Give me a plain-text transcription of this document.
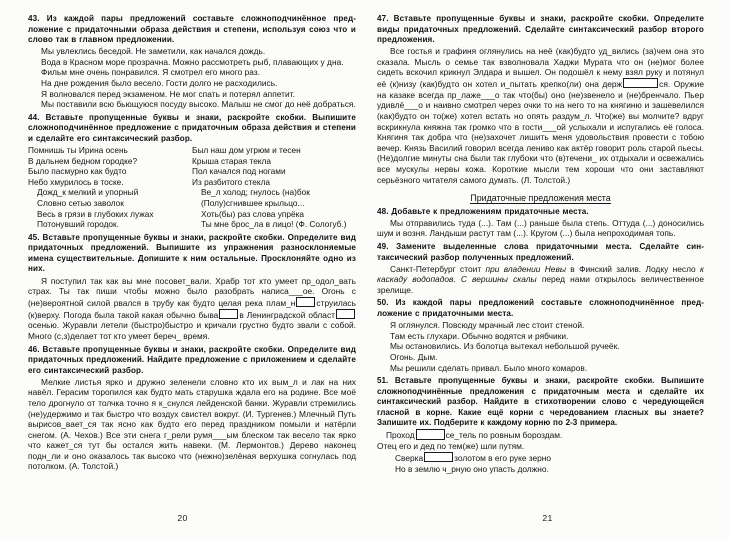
43. Из каждой пары предложений составьте сложноподчинённое предложение с придаточными образа действия и степени, используя союз что и слово так в главном предложении.

Мы увлеклись беседой. Не заметили, как начался дождь.

Вода в Красном море прозрачна. Можно рассмотреть рыб, плавающих у дна.

Фильм мне очень понравился. Я смотрел его много раз.

На дне рождения было весело. Гости долго не расходились.

Я волновался перед экзаменом. Не мог спать и потерял аппетит.

Мы поставили всю бьющуюся посуду высоко. Малыш не смог до неё добраться.

44. Вставьте пропущенные буквы и знаки, раскройте скобки. Выпишите сложноподчинённое предложение с придаточным образа действия и степени и сделайте его синтаксический разбор.
Помнишь ты Ирина осень
В дальнем бедном городке?
Было пасмурно как будто
Небо хмурилось в тоске.
Дожд_к мелкий и упорный
Словно сетью заволок
Весь в грязи в глубоких лужах
Потонувший городок.
Был наш дом угрюм и тесен
Крыша старая текла
Пол качался под ногами
Из разбитого стекла
Ве_л холод; гнулось (на)бок
(Полу)сгнившее крыльцо...
Хоть(бы) раз слова упрёка
Ты мне брос_ла в лицо! (Ф. Сологуб.)
45. Вставьте пропущенные буквы и знаки, раскройте скобки. Определите вид придаточных предложений. Выпишите из упражнения разносклоняемые имена существительные. Допишите к ним остальные. Просклоняйте одно из них.

Я поступил так как вы мне посовет_вали. Храбр тот кто умеет пр_одол_вать страх. Ты так пиши чтобы можно было разобрать написа___ое. Огонь с (не)вероятной силой рвался в трубу как будто целая река плам_н	струилась (к)верху. Погода была такой какая обычно быва	в Ленинградской областосенью. Журавли летели (быстро)быстро и кричали грустно будто звали с собой. Много (с,з)делает тот кто умеет береч_ время.

46. Вставьте пропущенные буквы и знаки, раскройте скобки. Определите вид придаточных предложений. Найдите предложение с приложением и сделайте его синтаксический разбор.

Мелкие листья ярко и дружно зеленели словно кто их вым_л и лак на них навёл. Герасим торопился как будто мать старушка ждала его на родине. Все моё тело дрогнуло от толчка точно я к_снулся лейденской банки. Журавли стремились (не)удержимо и так быстро что воздух свистел вокруг. (И. Тургенев.) Млечный Путь вырисов_вает_ся так ясно как будто его перед праздником помыли и натёрли снегом. (А. Чехов.) Все эти снега г_рели румя___ым блеском так весело так ярко что кажет_ся тут бы остался жить навеки. (М. Лермонтов.) Дерево наконец подн_ли и оно оказалось так высоко что (нежно)зелёная верхушка согнулась под потолком. (А. Толстой.)

20
47. Вставьте пропущенные буквы и знаки, раскройте скобки. Определите виды придаточных предложений. Сделайте синтаксический разбор второго предложения.

Все гостья и графиня оглянулись на неё (как)будто уд_вились (за)чем она это сказала. Мысль о семье так взволновала Хаджи Мурата что он (не)мог более сидеть вскочил крикнул Элдара и вышел. Он подошёл к нему взял руку и потянул её (к)низу (как)будто он хотел и_пытать крепко(ли) она держ	ся. Оружие на казаке всегда пр_лаже___о так что(бы) оно (не)звенело и (не)бренчало. Пьер удивлё___о и наивно смотрел через очки то на него то на княгиню и зашевелился (как)будто он то(же) хотел встать но опять раздум_л. Что(же) вы молчите? вдруг вскрикнула княжна так громко что в гости___ой услыхали и испугались её голоса. Княгиня так добра что (не)захочет лишить меня удовольствия провести с тобою вечер. Князь Василий говорил всегда лениво как актёр говорит роль старой пьесы. (Не)долгие минуты сна были так глубоки что (в)течени_ их отдыхали и освежались все мускулы нервы кожа. Короткие мысли тем хороши что они заставляют серьёзного читателя самого думать. (Л. Толстой.)

Придаточные предложения места
48. Добавьте к предложениям придаточные места.

Мы отправились туда (...). Там (...) раньше была степь. Оттуда (...) доносились шум и возня. Ландыши растут там (...). Кругом (...) была непроходимая топь.

49. Замените выделенные слова придаточными места. Сделайте синтаксический разбор полученных предложений.

Санкт-Петербург стоит при владении Невы в Финский залив. Лодку несло к каскаду водопадов. С вершины скалы перед нами открылось величественное зрелище.

50. Из каждой пары предложений составьте сложноподчинённое предложение с придаточными места.

Я оглянулся. Повсюду мрачный лес стоит стеной.

Там есть глухари. Обычно водятся и рябчики.

Мы остановились. Из болотца вытекал небольшой ручеёк.

Огонь. Дым.

Мы решили сделать привал. Было много комаров.

51. Вставьте пропущенные буквы и знаки, раскройте скобки. Выпишите сложноподчинённые предложения с придаточным места и сделайте их синтаксический разбор. Найдите в стихотворении слово с чередующейся гласной в корне. Какие ещё корни с чередованием гласных вы знаете? Запишите их. Подберите к каждому корню по 2-3 примера.
Проход	се_тель по ровным бороздам.
Отец его и дед по тем(же) шли путям.
Сверка	золотом в его руке зерно
Но в землю ч_рную оно упасть должно.
21
